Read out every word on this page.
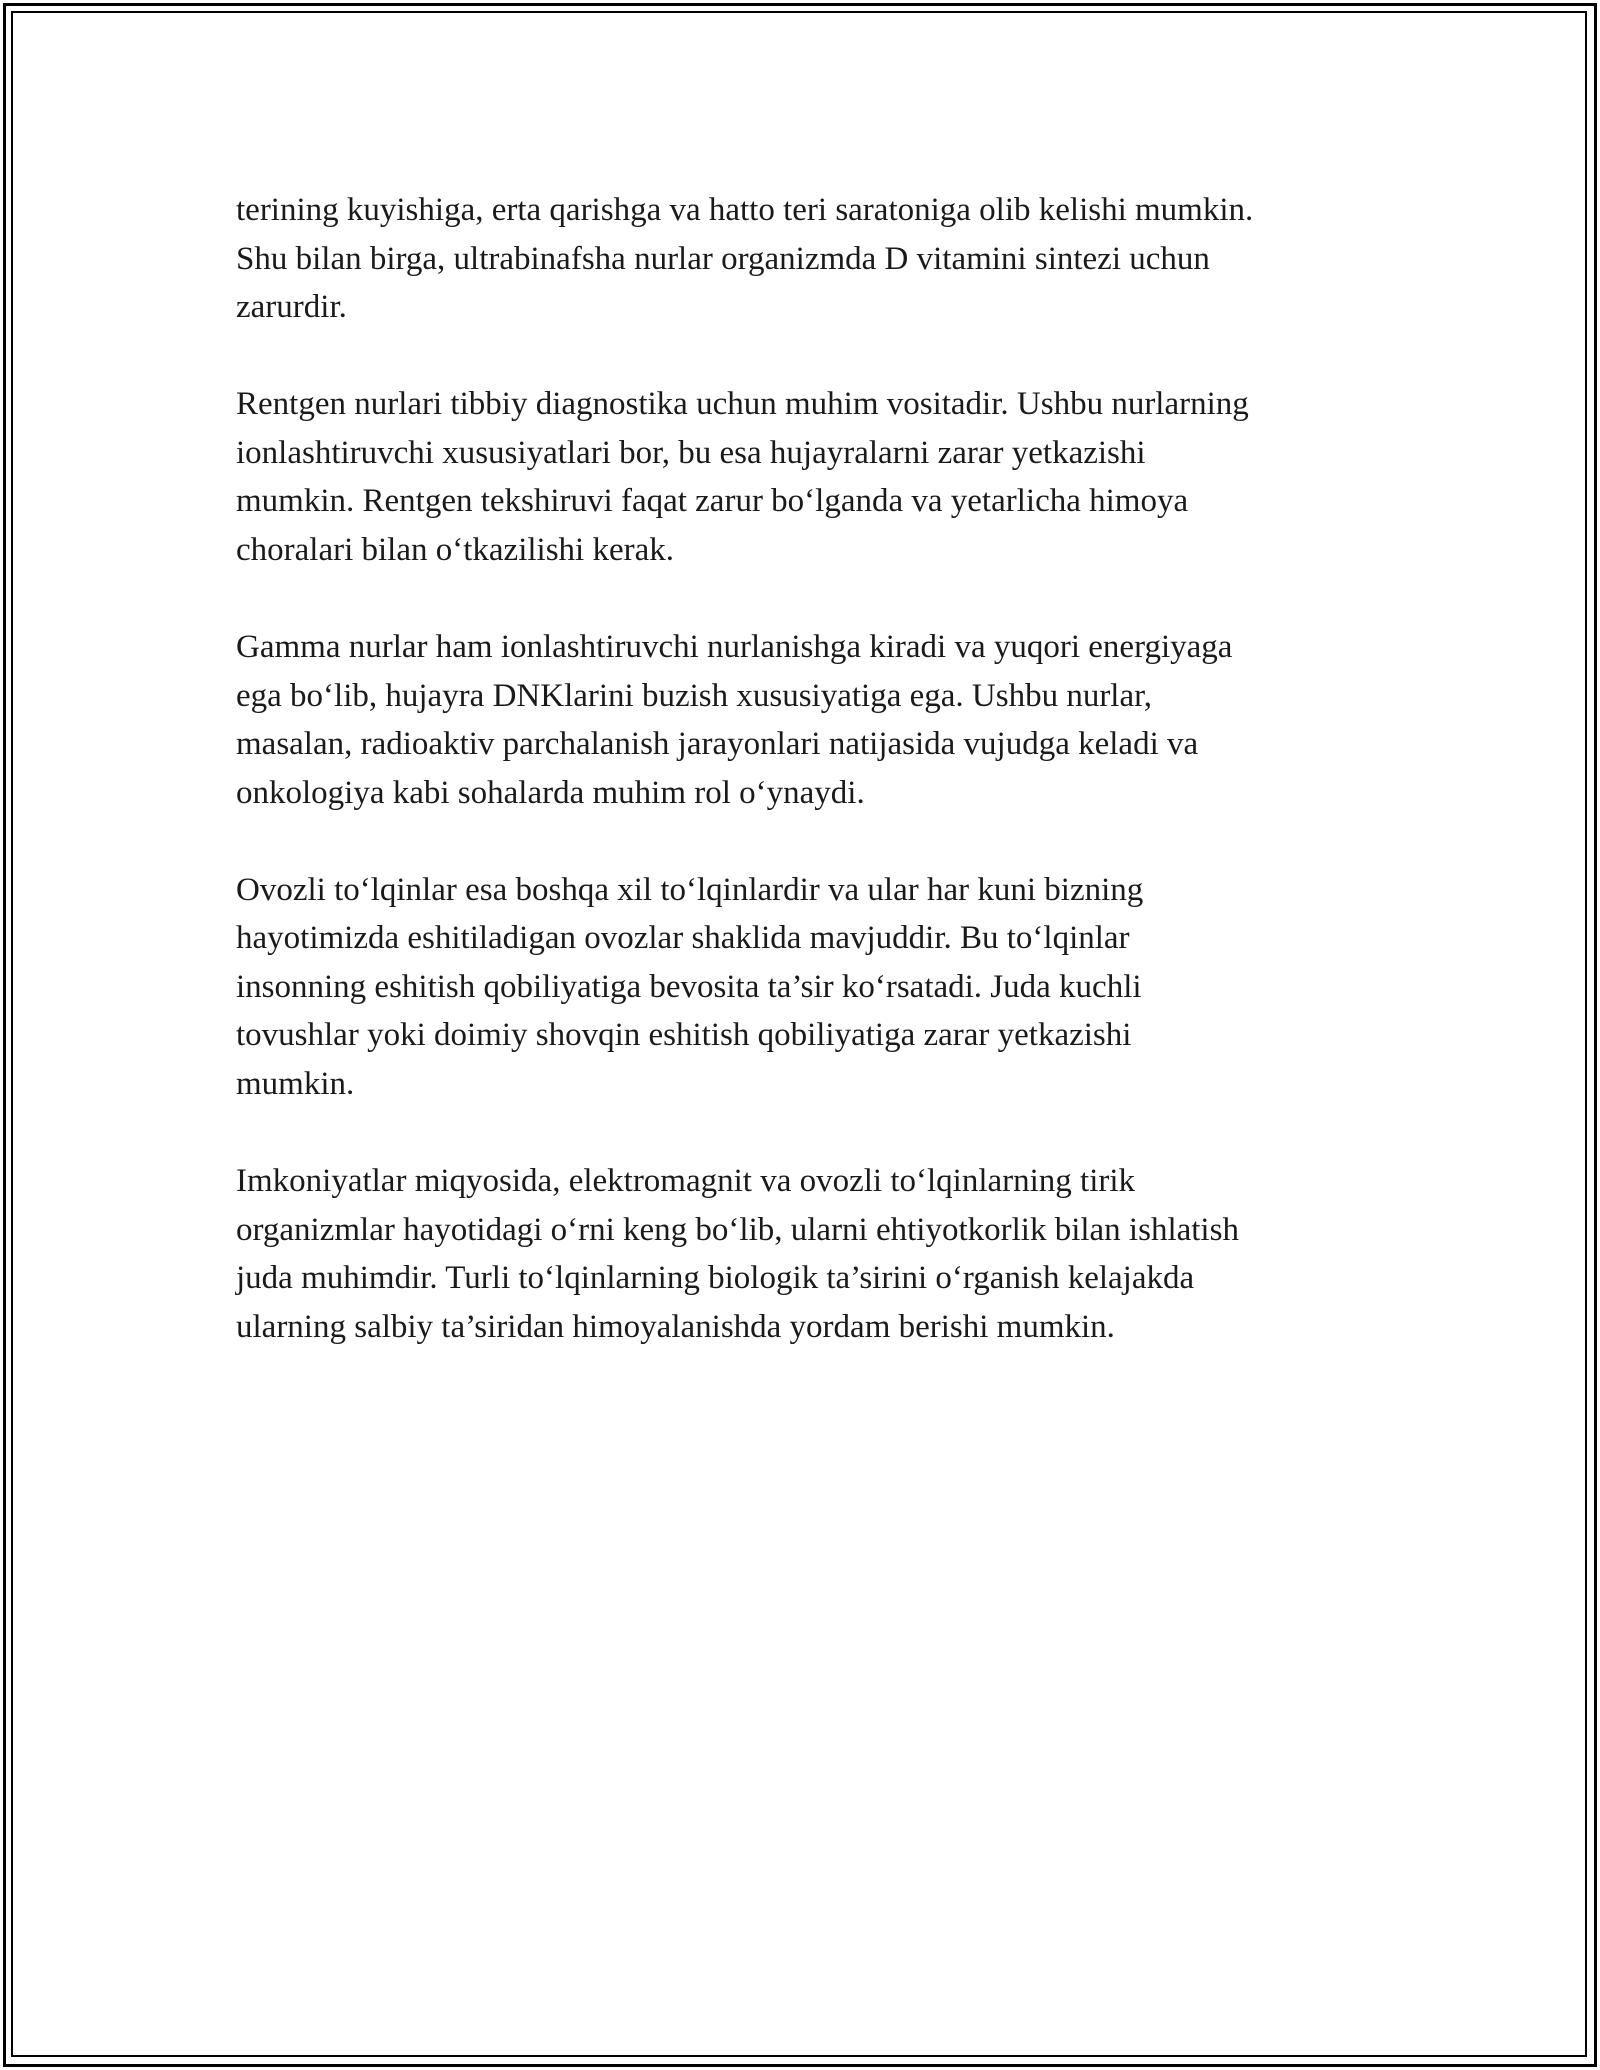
terining kuyishiga, erta qarishga va hatto teri saratoniga olib kelishi mumkin.
Shu bilan birga, ultrabinafsha nurlar organizmda D vitamini sintezi uchun
zarurdir.

Rentgen nurlari tibbiy diagnostika uchun muhim vositadir. Ushbu nurlarning
ionlashtiruvchi xususiyatlari bor, bu esa hujayralarni zarar yetkazishi
mumkin. Rentgen tekshiruvi faqat zarur bo‘lganda va yetarlicha himoya
choralari bilan o‘tkazilishi kerak.

Gamma nurlar ham ionlashtiruvchi nurlanishga kiradi va yuqori energiyaga
ega bo‘lib, hujayra DNKlarini buzish xususiyatiga ega. Ushbu nurlar,
masalan, radioaktiv parchalanish jarayonlari natijasida vujudga keladi va
onkologiya kabi sohalarda muhim rol o‘ynaydi.

Ovozli to‘lqinlar esa boshqa xil to‘lqinlardir va ular har kuni bizning
hayotimizda eshitiladigan ovozlar shaklida mavjuddir. Bu to‘lqinlar
insonning eshitish qobiliyatiga bevosita ta’sir ko‘rsatadi. Juda kuchli
tovushlar yoki doimiy shovqin eshitish qobiliyatiga zarar yetkazishi
mumkin.

Imkoniyatlar miqyosida, elektromagnit va ovozli to‘lqinlarning tirik
organizmlar hayotidagi o‘rni keng bo‘lib, ularni ehtiyotkorlik bilan ishlatish
juda muhimdir. Turli to‘lqinlarning biologik ta’sirini o‘rganish kelajakda
ularning salbiy ta’siridan himoyalanishda yordam berishi mumkin.
